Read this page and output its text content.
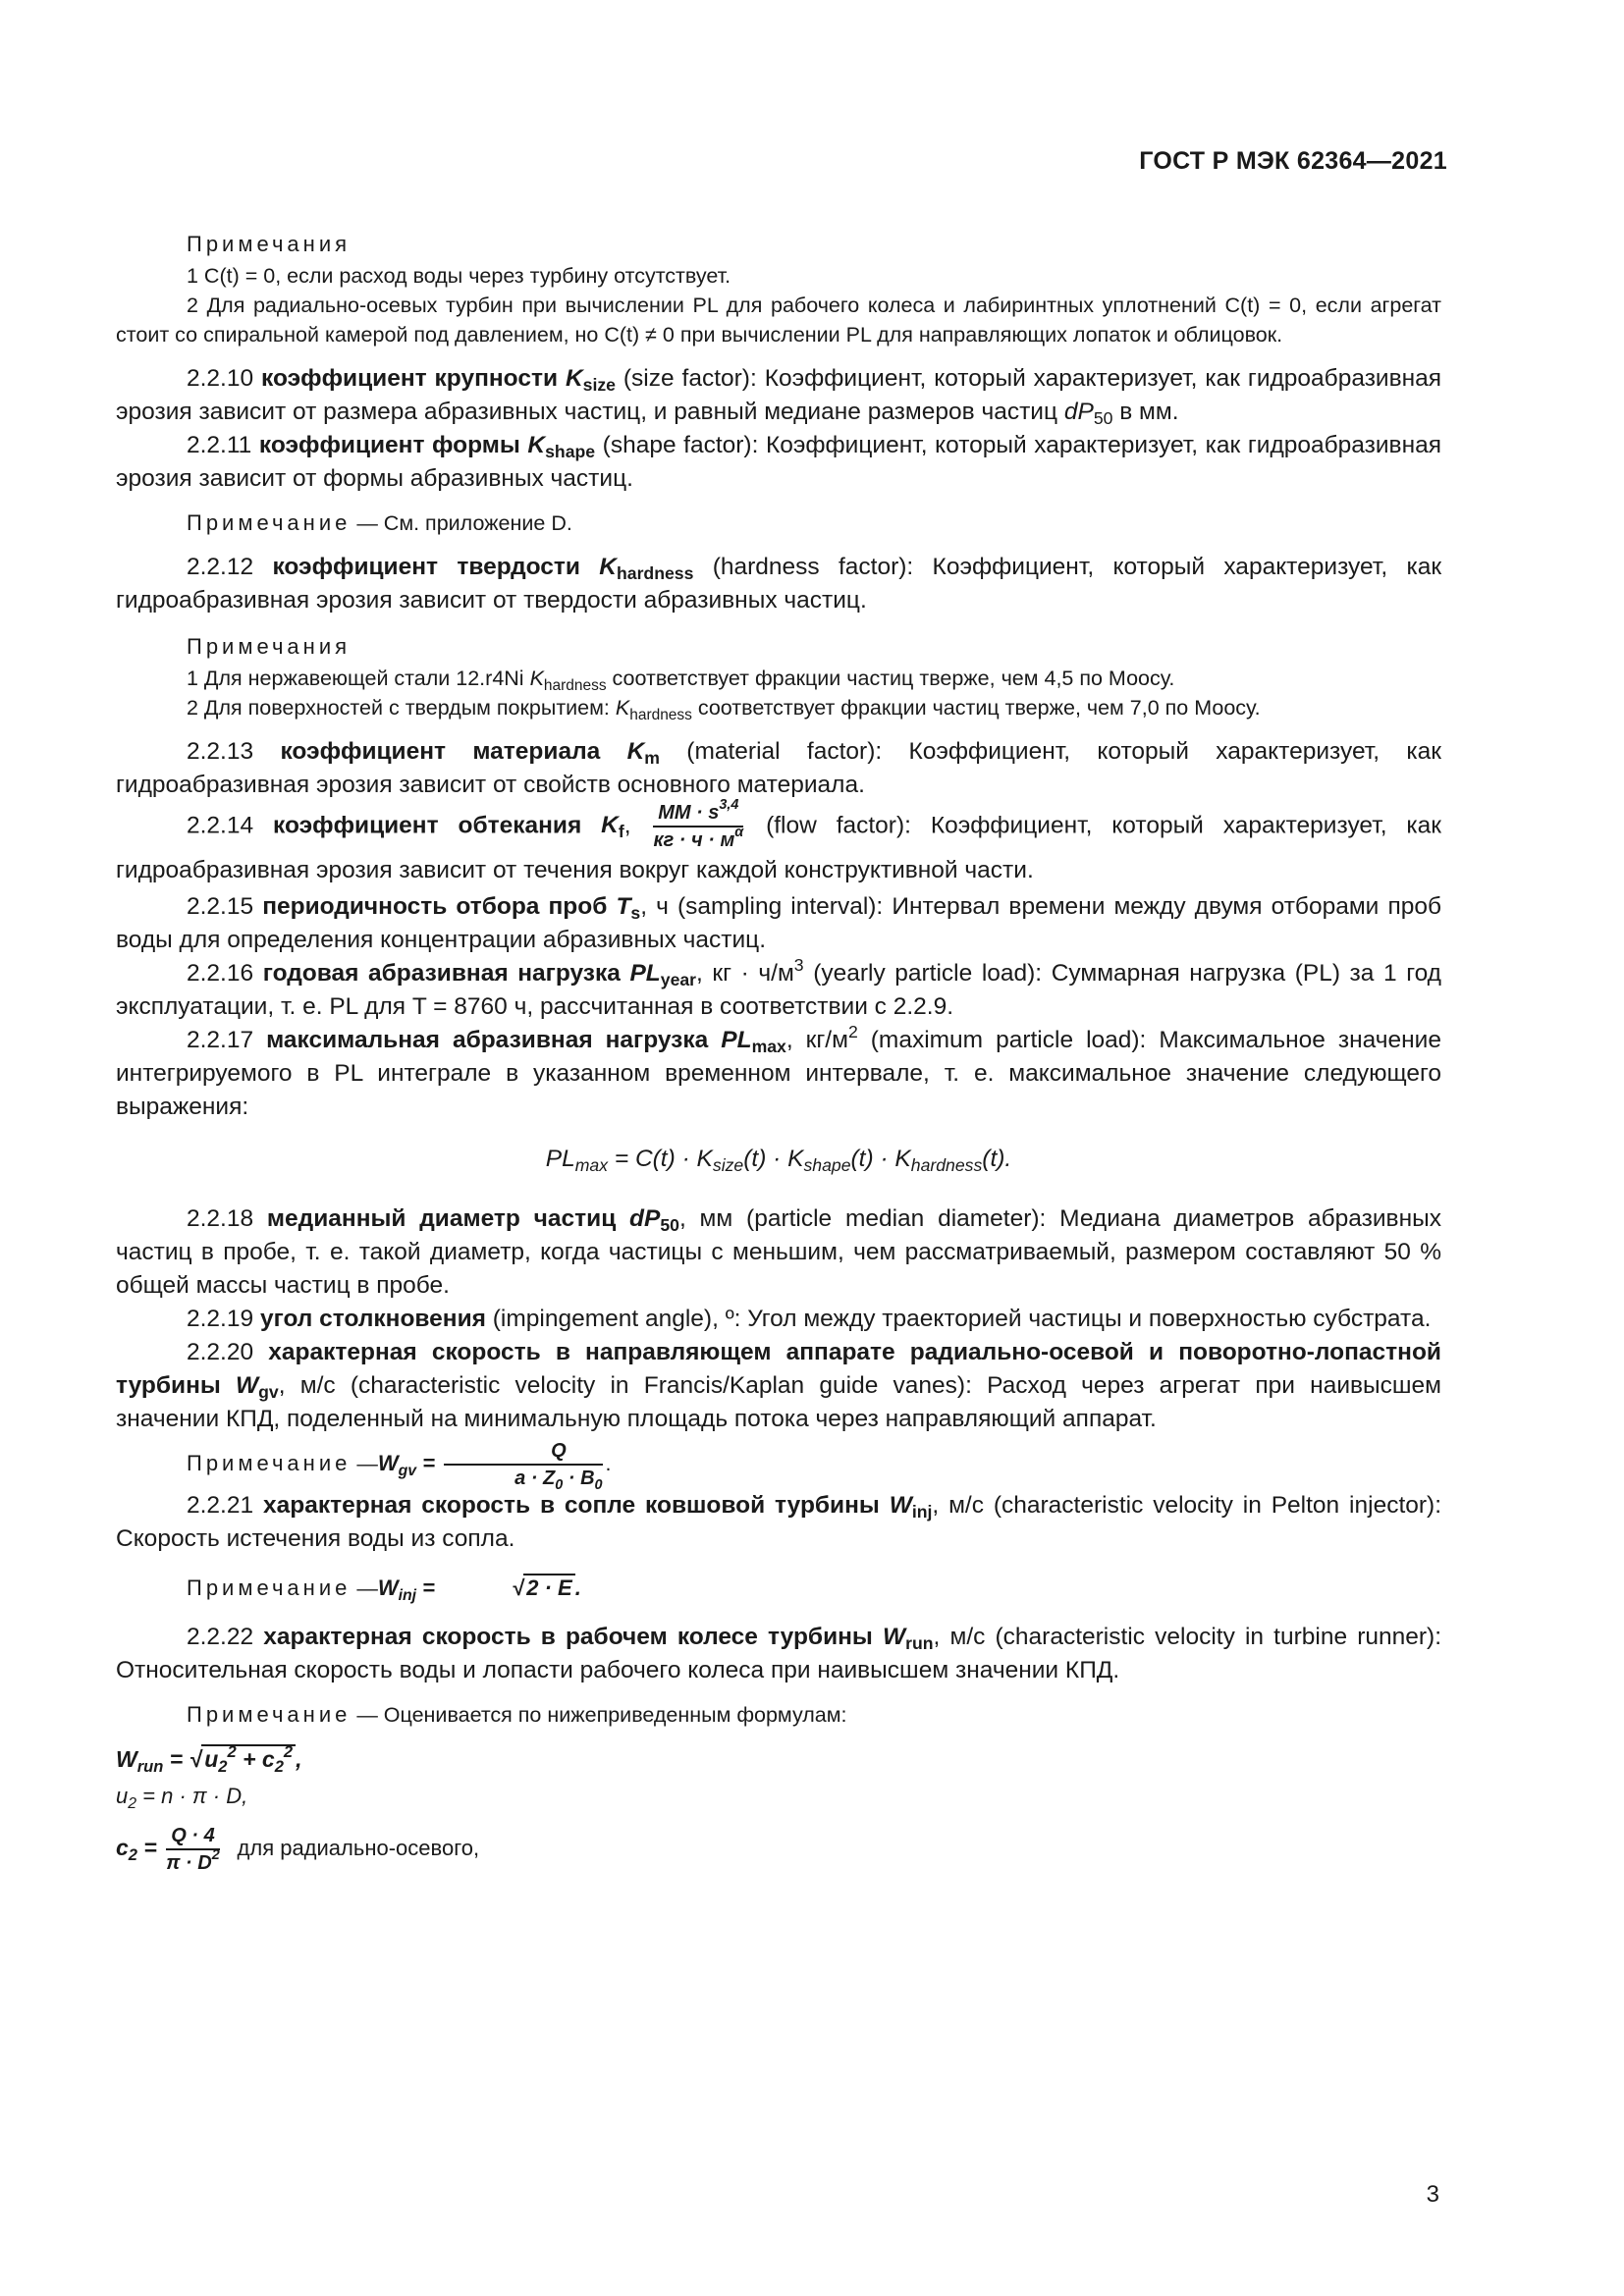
ГОСТ Р МЭК 62364—2021

Примечания

1 C(t) = 0, если расход воды через турбину отсутствует.

2 Для радиально-осевых турбин при вычислении PL для рабочего колеса и лабиринтных уплотнений C(t) = 0, если агрегат стоит со спиральной камерой под давлением, но C(t) ≠ 0 при вычислении PL для направляющих лопаток и облицовок.

2.2.10 коэффициент крупности $K_{size}$ (size factor): Коэффициент, который характеризует, как гидроабразивная эрозия зависит от размера абразивных частиц, и равный медиане размеров частиц $dP_{50}$ в мм.

2.2.11 коэффициент формы $K_{shape}$ (shape factor): Коэффициент, который характеризует, как гидроабразивная эрозия зависит от формы абразивных частиц.

Примечание — См. приложение D.

2.2.12 коэффициент твердости $K_{hardness}$ (hardness factor): Коэффициент, который характеризует, как гидроабразивная эрозия зависит от твердости абразивных частиц.

Примечания

1 Для нержавеющей стали 12.r4Ni $K_{hardness}$ соответствует фракции частиц тверже, чем 4,5 по Моосу.

2 Для поверхностей с твердым покрытием: $K_{hardness}$ соответствует фракции частиц тверже, чем 7,0 по Моосу.

2.2.13 коэффициент материала $K_m$ (material factor): Коэффициент, который характеризует, как гидроабразивная эрозия зависит от свойств основного материала.

2.2.14 коэффициент обтекания $K_f$, $\frac{MM \cdot s^{3,4}}{кг \cdot ч \cdot м^\alpha}$ (flow factor): Коэффициент, который характеризует, как гидроабразивная эрозия зависит от течения вокруг каждой конструктивной части.

2.2.15 периодичность отбора проб $T_s$, ч (sampling interval): Интервал времени между двумя отборами проб воды для определения концентрации абразивных частиц.

2.2.16 годовая абразивная нагрузка $PL_{year}$, кг · $ч/м^3$ (yearly particle load): Суммарная нагрузка (PL) за 1 год эксплуатации, т. е. PL для T = 8760 ч, рассчитанная в соответствии с 2.2.9.

2.2.17 максимальная абразивная нагрузка $PL_{max}$, $кг/м^2$ (maximum particle load): Максимальное значение интегрируемого в PL интеграле в указанном временном интервале, т. е. максимальное значение следующего выражения:

$PL_{max} = C(t) \cdot K_{size}(t) \cdot K_{shape}(t) \cdot K_{hardness}(t)$.

2.2.18 медианный диаметр частиц $dP_{50}$, мм (particle median diameter): Медиана диаметров абразивных частиц в пробе, т. е. такой диаметр, когда частицы с меньшим, чем рассматриваемый, размером составляют 50 % общей массы частиц в пробе.

2.2.19 угол столкновения (impingement angle), º: Угол между траекторией частицы и поверхностью субстрата.

2.2.20 характерная скорость в направляющем аппарате радиально-осевой и поворотно-лопастной турбины $W_{gv}$, м/с (characteristic velocity in Francis/Kaplan guide vanes): Расход через агрегат при наивысшем значении КПД, поделенный на минимальную площадь потока через направляющий аппарат.

Примечание $—W_{gv} = \frac{Q}{a \cdot Z_0 \cdot B_0}$ .

2.2.21 характерная скорость в сопле ковшовой турбины $W_{inj}$, м/с (characteristic velocity in Pelton injector): Скорость истечения воды из сопла.

Примечание $—W_{inj}$ =	√ 2 · E .

2.2.22 характерная скорость в рабочем колесе турбины $W_{run}$, м/с (characteristic velocity in turbine runner): Относительная скорость воды и лопасти рабочего колеса при наивысшем значении КПД.

Примечание — Оценивается по нижеприведенным формулам:

$W_{run}$ = √ $u_2^2 + c_2^2$ ,

$u_2 = n \cdot \pi \cdot D$,

$c_2 = \frac{Q \cdot 4}{\pi \cdot D^2}$ для радиально-осевого,

3
